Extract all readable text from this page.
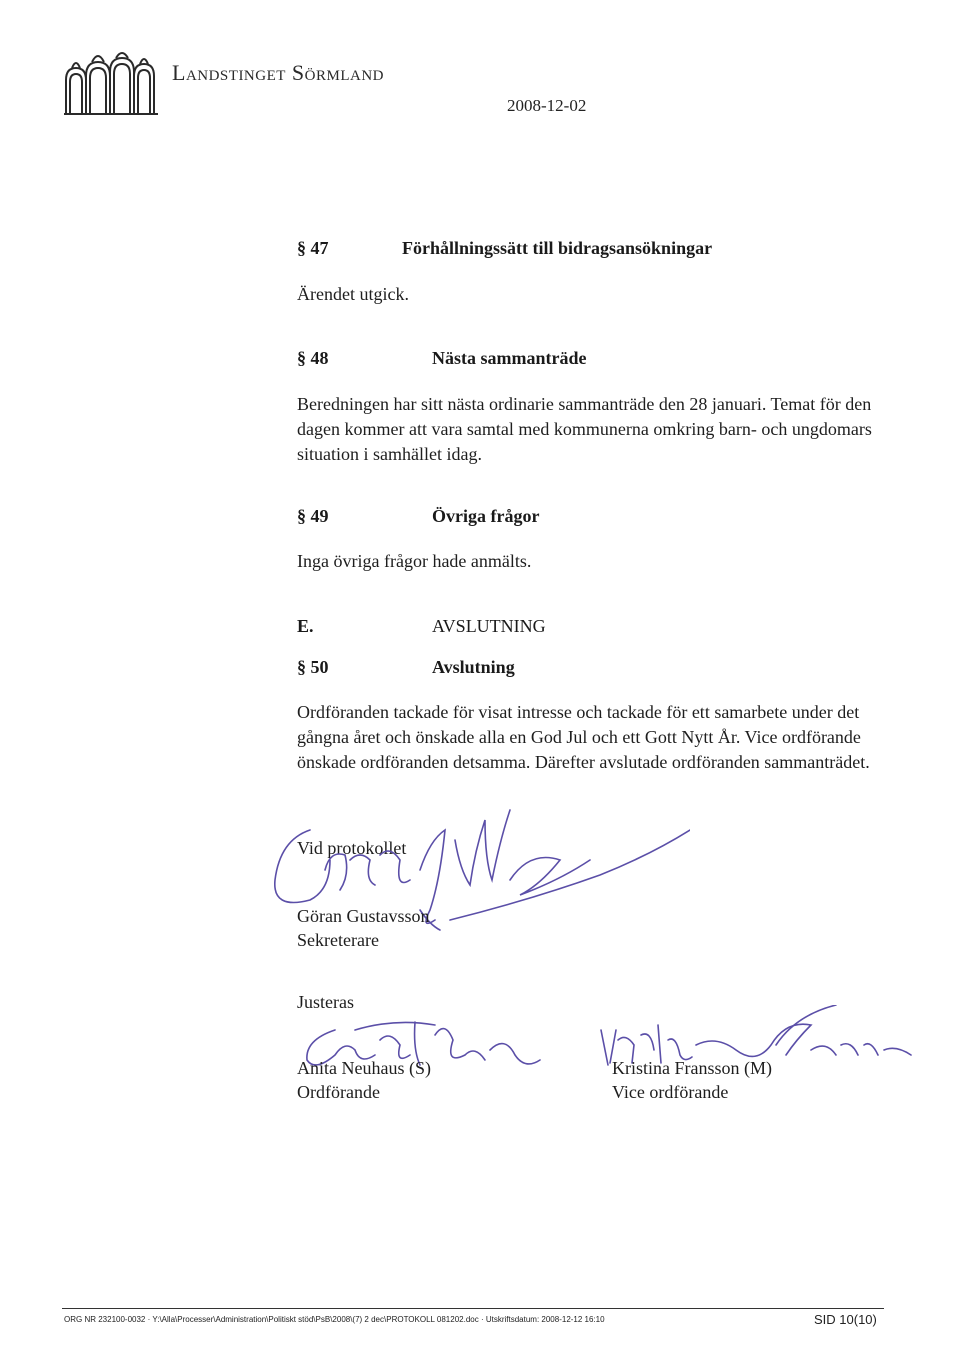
Landstinget Sörmland
2008-12-02
§ 47	Förhållningssätt till bidragsansökningar
Ärendet utgick.
§ 48	Nästa sammanträde
Beredningen har sitt nästa ordinarie sammanträde den 28 januari. Temat för den dagen kommer att vara samtal med kommunerna omkring barn- och ungdomars situation i samhället idag.
§ 49	Övriga frågor
Inga övriga frågor hade anmälts.
E.	AVSLUTNING
§ 50	Avslutning
Ordföranden tackade för visat intresse och tackade för ett samarbete under det gångna året och önskade alla en God Jul och ett Gott Nytt År. Vice ordförande önskade ordföranden detsamma. Därefter avslutade ordföranden sammanträdet.
Vid protokollet
Göran Gustavsson
Sekreterare
Justeras
Anita Neuhaus (S)
Ordförande
Kristina Fransson (M)
Vice ordförande
ORG NR 232100-0032 · Y:\Alla\Processer\Administration\Politiskt stöd\PsB\2008\(7) 2 dec\PROTOKOLL 081202.doc · Utskriftsdatum: 2008-12-12 16:10	SID 10(10)
